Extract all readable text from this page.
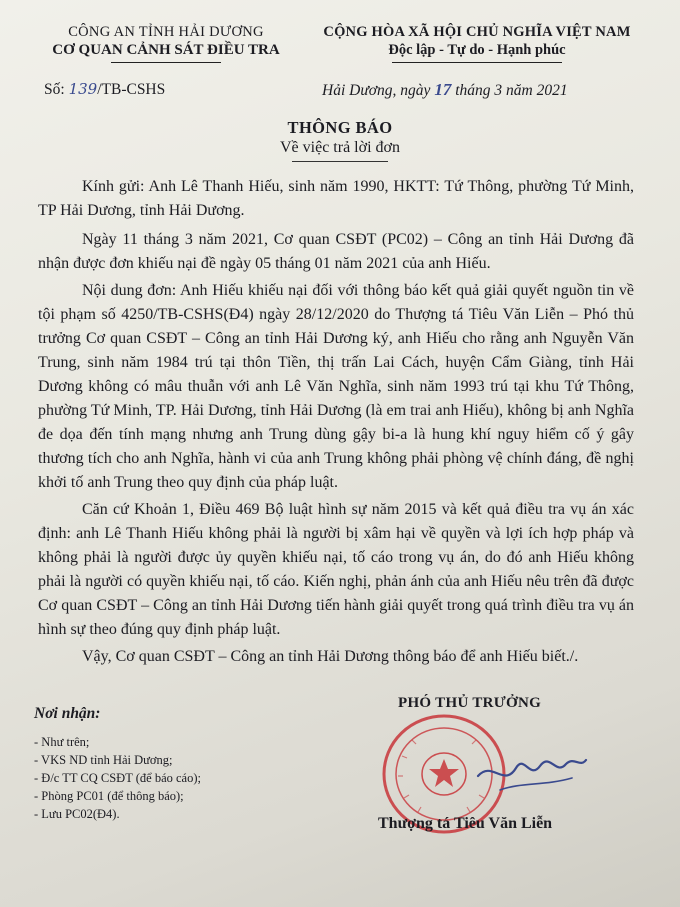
CÔNG AN TỈNH HẢI DƯƠNG
CƠ QUAN CẢNH SÁT ĐIỀU TRA
CỘNG HÒA XÃ HỘI CHỦ NGHĨA VIỆT NAM
Độc lập - Tự do - Hạnh phúc
Số: 139/TB-CSHS	Hải Dương, ngày 17 tháng 3 năm 2021
THÔNG BÁO
Về việc trả lời đơn

Kính gửi: Anh Lê Thanh Hiếu, sinh năm 1990, HKTT: Tứ Thông, phường Tứ Minh, TP Hải Dương, tỉnh Hải Dương.

Ngày 11 tháng 3 năm 2021, Cơ quan CSĐT (PC02) – Công an tỉnh Hải Dương đã nhận được đơn khiếu nại đề ngày 05 tháng 01 năm 2021 của anh Hiếu.

Nội dung đơn: Anh Hiếu khiếu nại đối với thông báo kết quả giải quyết nguồn tin về tội phạm số 4250/TB-CSHS(Đ4) ngày 28/12/2020 do Thượng tá Tiêu Văn Liễn – Phó thủ trưởng Cơ quan CSĐT – Công an tỉnh Hải Dương ký, anh Hiếu cho rằng anh Nguyễn Văn Trung, sinh năm 1984 trú tại thôn Tiền, thị trấn Lai Cách, huyện Cẩm Giàng, tỉnh Hải Dương không có mâu thuẫn với anh Lê Văn Nghĩa, sinh năm 1993 trú tại khu Tứ Thông, phường Tứ Minh, TP. Hải Dương, tỉnh Hải Dương (là em trai anh Hiếu), không bị anh Nghĩa đe dọa đến tính mạng nhưng anh Trung dùng gậy bi-a là hung khí nguy hiểm cố ý gây thương tích cho anh Nghĩa, hành vi của anh Trung không phải phòng vệ chính đáng, đề nghị khởi tố anh Trung theo quy định của pháp luật.

Căn cứ Khoản 1, Điều 469 Bộ luật hình sự năm 2015 và kết quả điều tra vụ án xác định: anh Lê Thanh Hiếu không phải là người bị xâm hại về quyền và lợi ích hợp pháp và không phải là người được ủy quyền khiếu nại, tố cáo trong vụ án, do đó anh Hiếu không phải là người có quyền khiếu nại, tố cáo. Kiến nghị, phản ánh của anh Hiếu nêu trên đã được Cơ quan CSĐT – Công an tỉnh Hải Dương tiến hành giải quyết trong quá trình điều tra vụ án hình sự theo đúng quy định pháp luật.

Vậy, Cơ quan CSĐT – Công an tỉnh Hải Dương thông báo để anh Hiếu biết./.

Nơi nhận:
- Như trên;
- VKS ND tỉnh Hải Dương;
- Đ/c TT CQ CSĐT (để báo cáo);
- Phòng PC01 (để thông báo);
- Lưu PC02(Đ4).
PHÓ THỦ TRƯỞNG
Thượng tá Tiêu Văn Liễn
